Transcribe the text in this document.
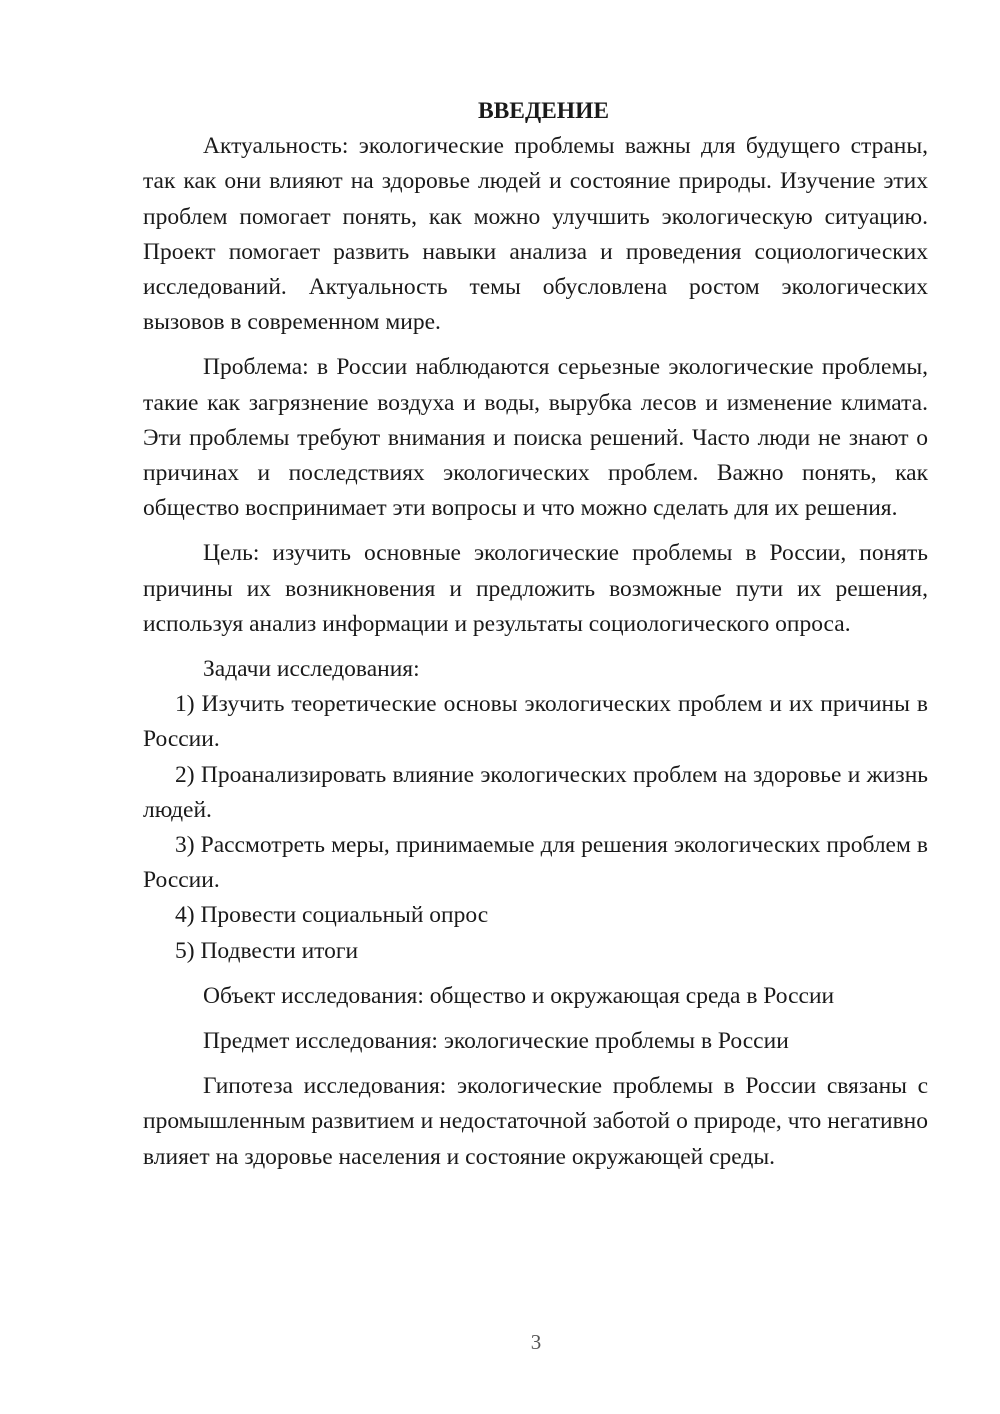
ВВЕДЕНИЕ

Актуальность: экологические проблемы важны для будущего страны, так как они влияют на здоровье людей и состояние природы. Изучение этих проблем помогает понять, как можно улучшить экологическую ситуацию. Проект помогает развить навыки анализа и проведения социологических исследований. Актуальность темы обусловлена ростом экологических вызовов в современном мире.

Проблема: в России наблюдаются серьезные экологические проблемы, такие как загрязнение воздуха и воды, вырубка лесов и изменение климата. Эти проблемы требуют внимания и поиска решений. Часто люди не знают о причинах и последствиях экологических проблем. Важно понять, как общество воспринимает эти вопросы и что можно сделать для их решения.

Цель: изучить основные экологические проблемы в России, понять причины их возникновения и предложить возможные пути их решения, используя анализ информации и результаты социологического опроса.

Задачи исследования:

1) Изучить теоретические основы экологических проблем и их причины в России.

2) Проанализировать влияние экологических проблем на здоровье и жизнь людей.

3) Рассмотреть меры, принимаемые для решения экологических проблем в России.

4) Провести социальный опрос

5) Подвести итоги

Объект исследования: общество и окружающая среда в России

Предмет исследования: экологические проблемы в России

Гипотеза исследования: экологические проблемы в России связаны с промышленным развитием и недостаточной заботой о природе, что негативно влияет на здоровье населения и состояние окружающей среды.

3
